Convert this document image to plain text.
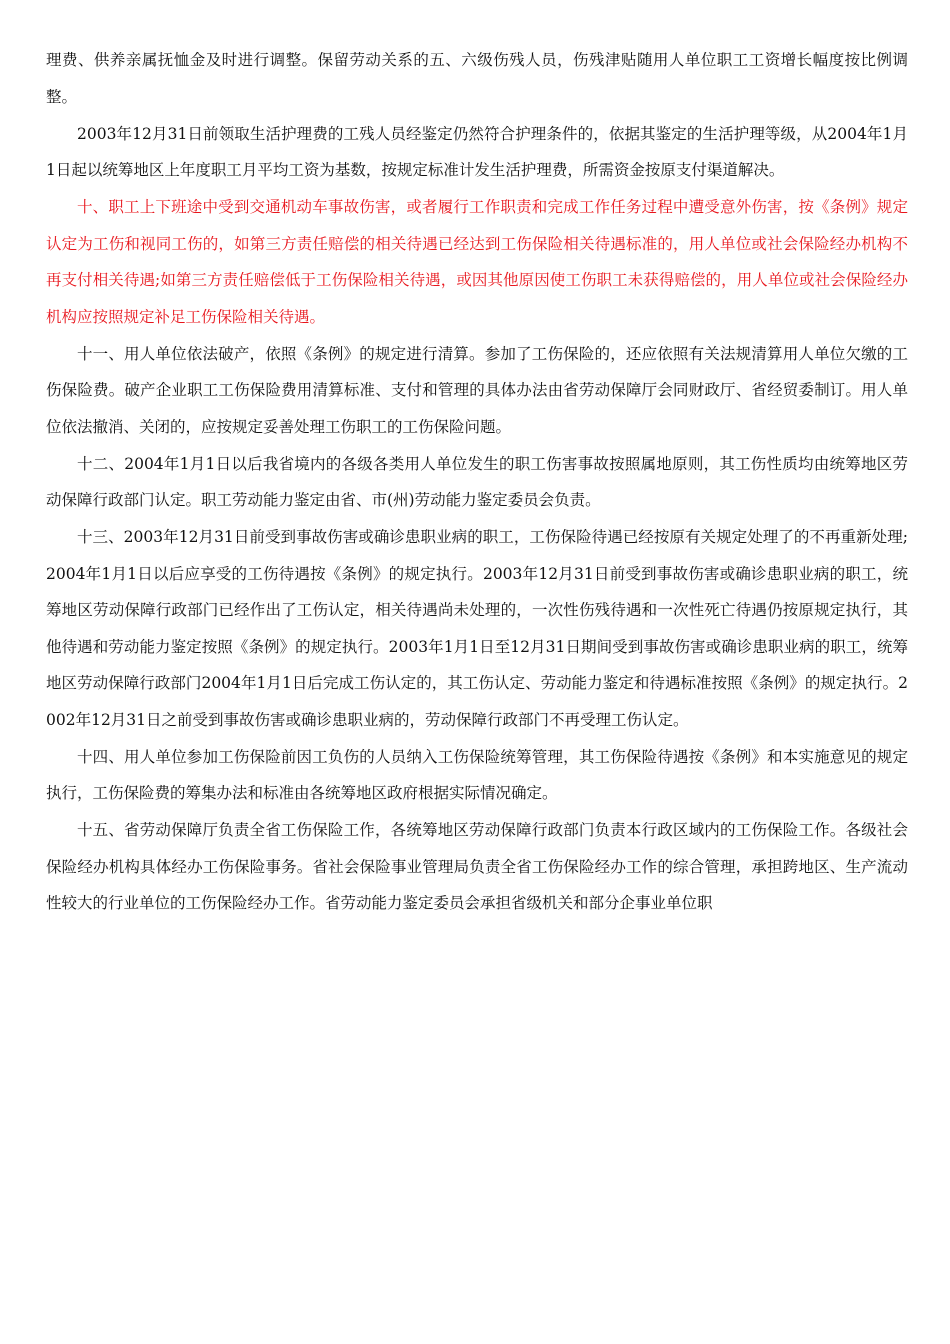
理费、供养亲属抚恤金及时进行调整。保留劳动关系的五、六级伤残人员，伤残津贴随用人单位职工工资增长幅度按比例调整。

2003年12月31日前领取生活护理费的工残人员经鉴定仍然符合护理条件的，依据其鉴定的生活护理等级，从2004年1月1日起以统筹地区上年度职工月平均工资为基数，按规定标准计发生活护理费，所需资金按原支付渠道解决。

十、职工上下班途中受到交通机动车事故伤害，或者履行工作职责和完成工作任务过程中遭受意外伤害，按《条例》规定认定为工伤和视同工伤的，如第三方责任赔偿的相关待遇已经达到工伤保险相关待遇标准的，用人单位或社会保险经办机构不再支付相关待遇;如第三方责任赔偿低于工伤保险相关待遇，或因其他原因使工伤职工未获得赔偿的，用人单位或社会保险经办机构应按照规定补足工伤保险相关待遇。

十一、用人单位依法破产，依照《条例》的规定进行清算。参加了工伤保险的，还应依照有关法规清算用人单位欠缴的工伤保险费。破产企业职工工伤保险费用清算标准、支付和管理的具体办法由省劳动保障厅会同财政厅、省经贸委制订。用人单位依法撤消、关闭的，应按规定妥善处理工伤职工的工伤保险问题。

十二、2004年1月1日以后我省境内的各级各类用人单位发生的职工伤害事故按照属地原则，其工伤性质均由统筹地区劳动保障行政部门认定。职工劳动能力鉴定由省、市(州)劳动能力鉴定委员会负责。

十三、2003年12月31日前受到事故伤害或确诊患职业病的职工，工伤保险待遇已经按原有关规定处理了的不再重新处理;2004年1月1日以后应享受的工伤待遇按《条例》的规定执行。2003年12月31日前受到事故伤害或确诊患职业病的职工，统筹地区劳动保障行政部门已经作出了工伤认定，相关待遇尚未处理的，一次性伤残待遇和一次性死亡待遇仍按原规定执行，其他待遇和劳动能力鉴定按照《条例》的规定执行。2003年1月1日至12月31日期间受到事故伤害或确诊患职业病的职工，统筹地区劳动保障行政部门2004年1月1日后完成工伤认定的，其工伤认定、劳动能力鉴定和待遇标准按照《条例》的规定执行。2002年12月31日之前受到事故伤害或确诊患职业病的，劳动保障行政部门不再受理工伤认定。

十四、用人单位参加工伤保险前因工负伤的人员纳入工伤保险统筹管理，其工伤保险待遇按《条例》和本实施意见的规定执行，工伤保险费的筹集办法和标准由各统筹地区政府根据实际情况确定。

十五、省劳动保障厅负责全省工伤保险工作，各统筹地区劳动保障行政部门负责本行政区域内的工伤保险工作。各级社会保险经办机构具体经办工伤保险事务。省社会保险事业管理局负责全省工伤保险经办工作的综合管理，承担跨地区、生产流动性较大的行业单位的工伤保险经办工作。省劳动能力鉴定委员会承担省级机关和部分企事业单位职
